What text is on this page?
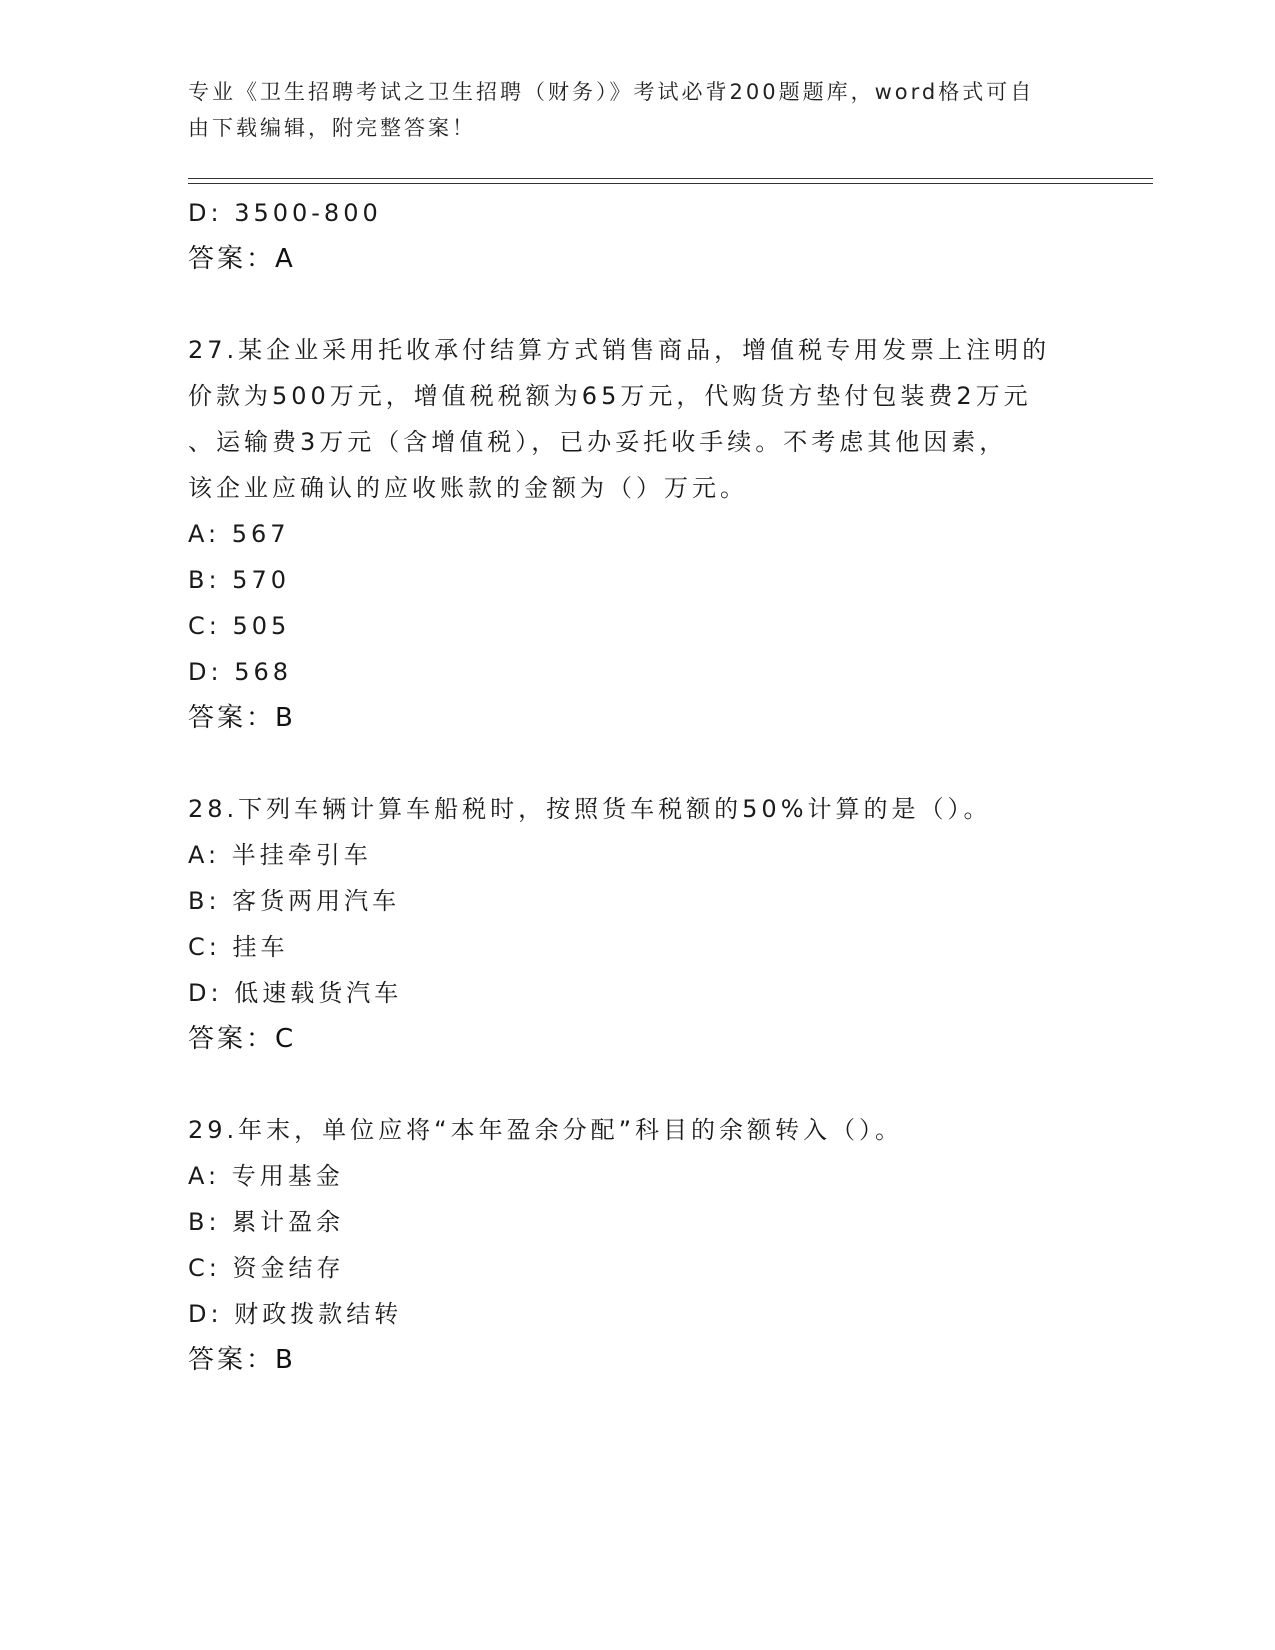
专业《卫生招聘考试之卫生招聘（财务）》考试必背200题题库，word格式可自
由下载编辑，附完整答案！
D: 3500-800
答案：A
27.某企业采用托收承付结算方式销售商品，增值税专用发票上注明的
价款为500万元，增值税税额为65万元，代购货方垫付包装费2万元
、运输费3万元（含增值税），已办妥托收手续。不考虑其他因素，
该企业应确认的应收账款的金额为（）万元。
A: 567
B: 570
C: 505
D: 568
答案：B
28.下列车辆计算车船税时，按照货车税额的50%计算的是（）。
A: 半挂牵引车
B: 客货两用汽车
C: 挂车
D: 低速载货汽车
答案：C
29.年末，单位应将“本年盈余分配”科目的余额转入（）。
A: 专用基金
B: 累计盈余
C: 资金结存
D: 财政拨款结转
答案：B
